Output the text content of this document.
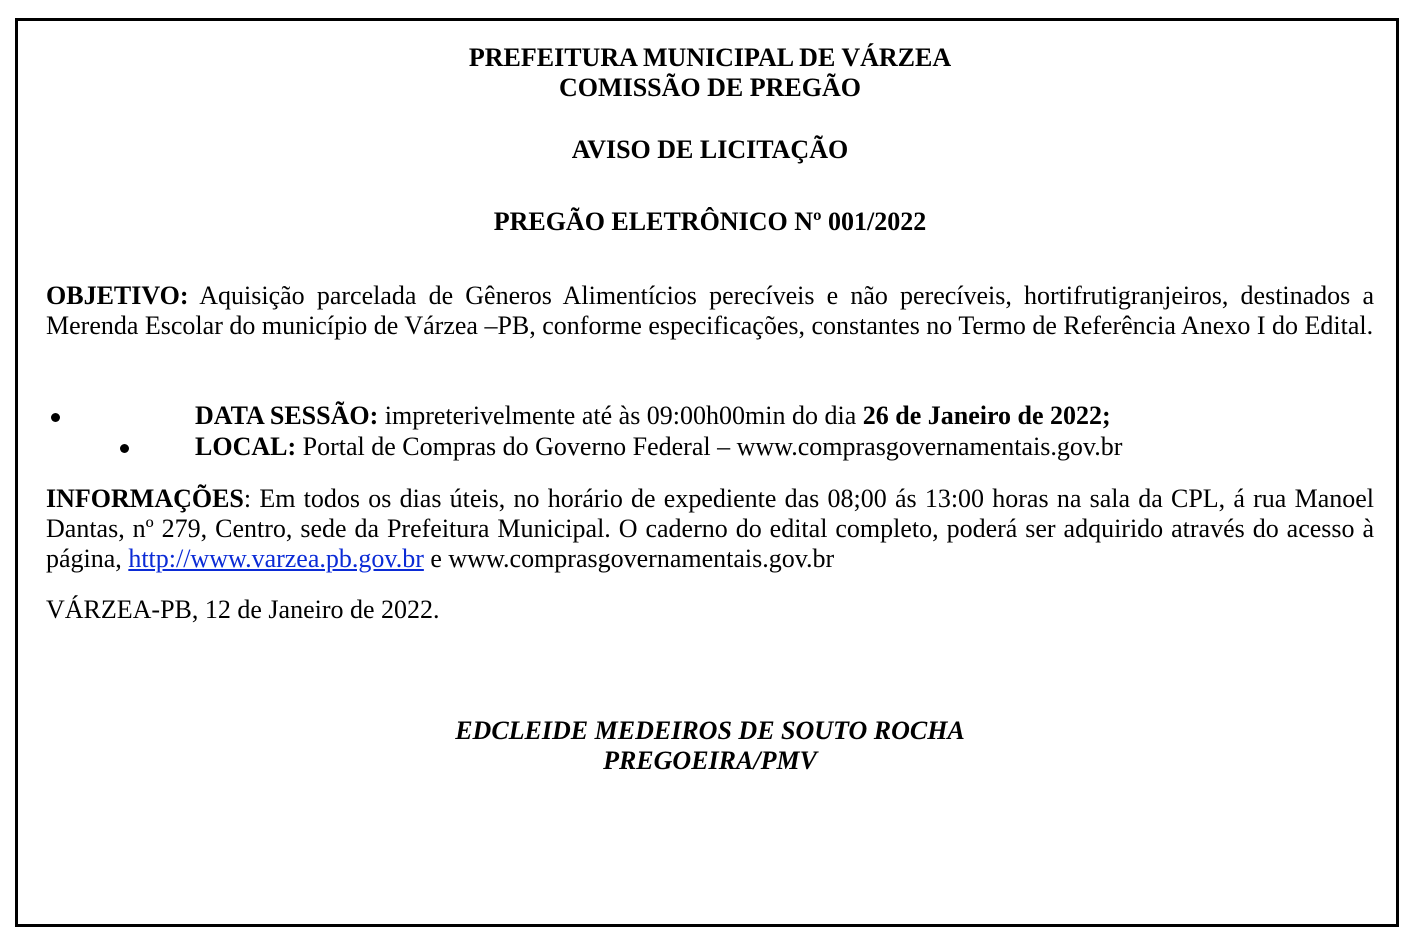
PREFEITURA MUNICIPAL DE VÁRZEA
COMISSÃO DE PREGÃO
AVISO DE LICITAÇÃO
PREGÃO ELETRÔNICO Nº 001/2022
OBJETIVO: Aquisição parcelada de Gêneros Alimentícios perecíveis e não perecíveis, hortifrutigranjeiros, destinados a Merenda Escolar do município de Várzea –PB, conforme especificações, constantes no Termo de Referência Anexo I do Edital.
DATA SESSÃO: impreterivelmente até às 09:00h00min do dia 26 de Janeiro de 2022;
LOCAL: Portal de Compras do Governo Federal – www.comprasgovernamentais.gov.br
INFORMAÇÕES: Em todos os dias úteis, no horário de expediente das 08;00 ás 13:00 horas na sala da CPL, á rua Manoel Dantas, nº 279, Centro, sede da Prefeitura Municipal. O caderno do edital completo, poderá ser adquirido através do acesso à página, http://www.varzea.pb.gov.br e www.comprasgovernamentais.gov.br
VÁRZEA-PB, 12 de Janeiro de 2022.
EDCLEIDE MEDEIROS DE SOUTO ROCHA
PREGOEIRA/PMV
